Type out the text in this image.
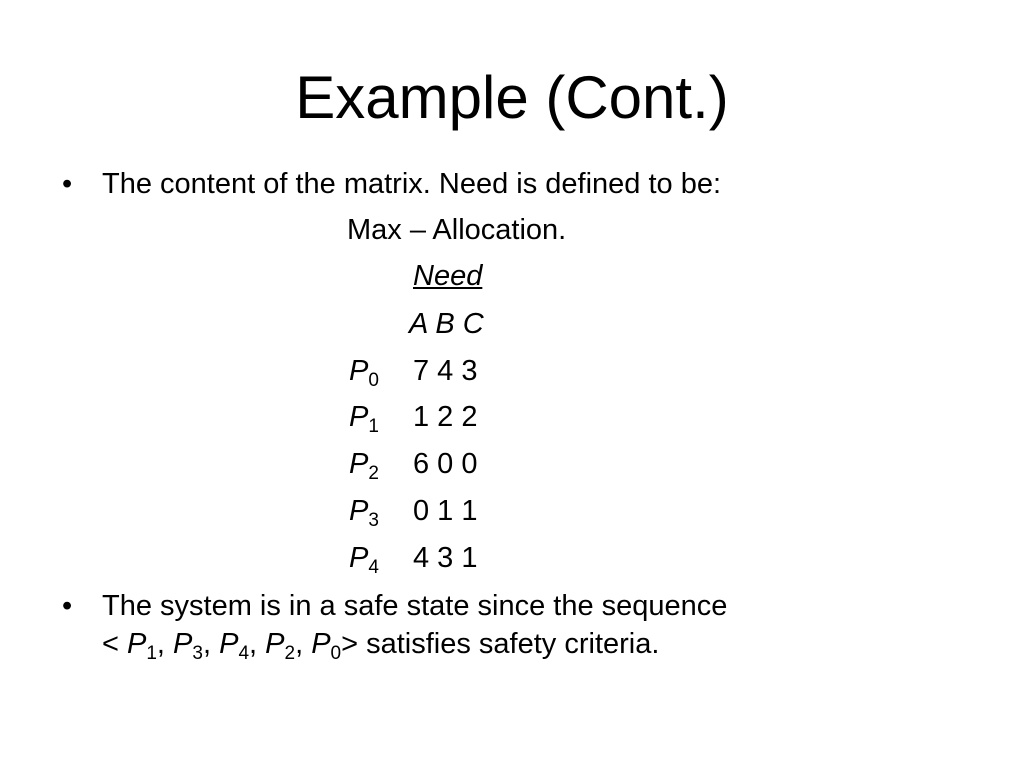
Example (Cont.)
• The content of the matrix. Need is defined to be:
Max – Allocation.
Need
A B C
$P_0$ 7 4 3
$P_1$ 1 2 2
$P_2$ 6 0 0
$P_3$ 0 1 1
$P_4$ 4 3 1
• The system is in a safe state since the sequence
< $P_1$, $P_3$, $P_4$, $P_2$, $P_0>$ satisfies safety criteria.
